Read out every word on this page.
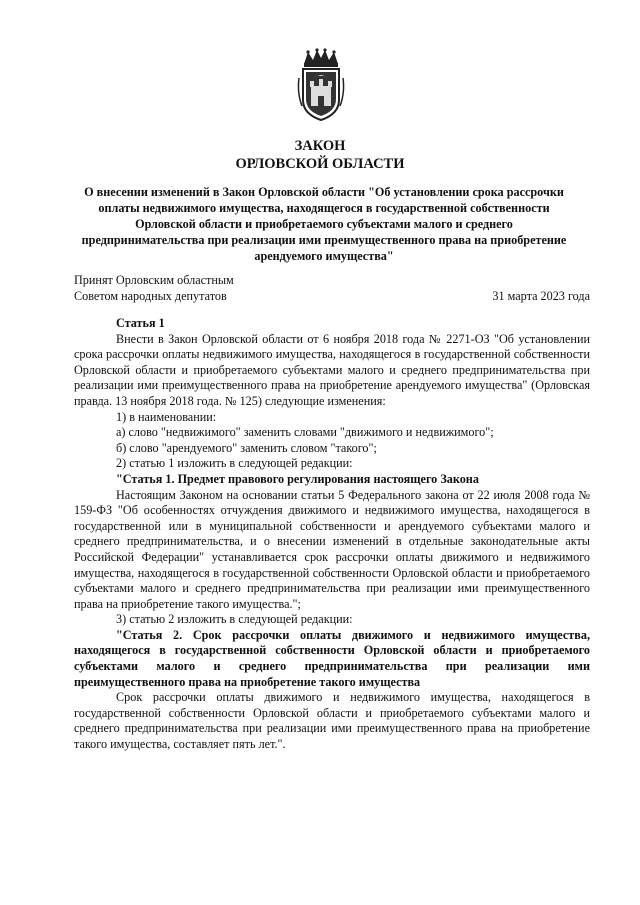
ЗАКОН
ОРЛОВСКОЙ ОБЛАСТИ
О внесении изменений в Закон Орловской области "Об установлении срока рассрочки оплаты недвижимого имущества, находящегося в государственной собственности Орловской области и приобретаемого субъектами малого и среднего предпринимательства при реализации ими преимущественного права на приобретение арендуемого имущества"
Принят Орловским областным
Советом народных депутатов	31 марта 2023 года

Статья 1

Внести в Закон Орловской области от 6 ноября 2018 года № 2271-ОЗ "Об установлении срока рассрочки оплаты недвижимого имущества, находящегося в государственной собственности Орловской области и приобретаемого субъектами малого и среднего предпринимательства при реализации ими преимущественного права на приобретение арендуемого имущества" (Орловская правда. 13 ноября 2018 года. № 125) следующие изменения:

1) в наименовании:

а) слово "недвижимого" заменить словами "движимого и недвижимого";

б) слово "арендуемого" заменить словом "такого";

2) статью 1 изложить в следующей редакции:

"Статья 1. Предмет правового регулирования настоящего Закона

Настоящим Законом на основании статьи 5 Федерального закона от 22 июля 2008 года № 159-ФЗ "Об особенностях отчуждения движимого и недвижимого имущества, находящегося в государственной или в муниципальной собственности и арендуемого субъектами малого и среднего предпринимательства, и о внесении изменений в отдельные законодательные акты Российской Федерации" устанавливается срок рассрочки оплаты движимого и недвижимого имущества, находящегося в государственной собственности Орловской области и приобретаемого субъектами малого и среднего предпринимательства при реализации ими преимущественного права на приобретение такого имущества.";

3) статью 2 изложить в следующей редакции:

"Статья 2. Срок рассрочки оплаты движимого и недвижимого имущества, находящегося в государственной собственности Орловской области и приобретаемого субъектами малого и среднего предпринимательства при реализации ими преимущественного права на приобретение такого имущества

Срок рассрочки оплаты движимого и недвижимого имущества, находящегося в государственной собственности Орловской области и приобретаемого субъектами малого и среднего предпринимательства при реализации ими преимущественного права на приобретение такого имущества, составляет пять лет.".
